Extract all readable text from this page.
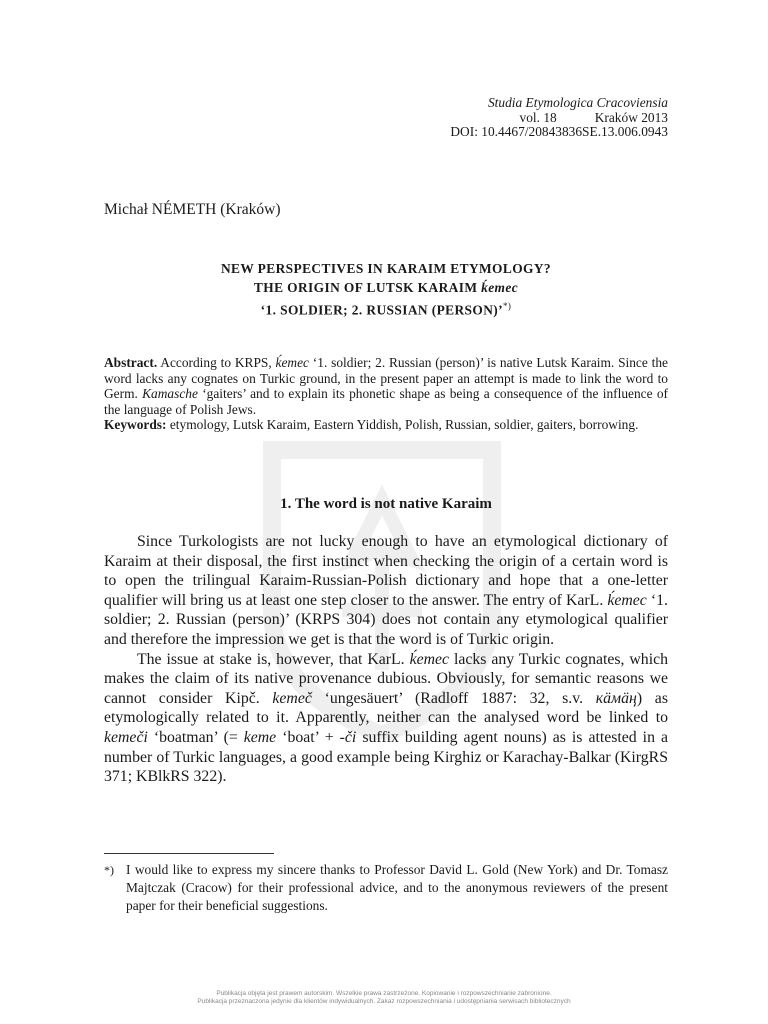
Studia Etymologica Cracoviensia
vol. 18	Kraków 2013
DOI: 10.4467/20843836SE.13.006.0943
Michał NÉMETH (Kraków)
NEW PERSPECTIVES IN KARAIM ETYMOLOGY?
THE ORIGIN OF LUTSK KARAIM ḱemec
‘1. SOLDIER; 2. RUSSIAN (PERSON)’*)
Abstract. According to KRPS, ḱemec ‘1. soldier; 2. Russian (person)’ is native Lutsk Karaim. Since the word lacks any cognates on Turkic ground, in the present paper an attempt is made to link the word to Germ. Kamasche ‘gaiters’ and to explain its phonetic shape as being a consequence of the influence of the language of Polish Jews.
Keywords: etymology, Lutsk Karaim, Eastern Yiddish, Polish, Russian, soldier, gaiters, borrowing.
1. The word is not native Karaim

Since Turkologists are not lucky enough to have an etymological dictionary of Karaim at their disposal, the first instinct when checking the origin of a certain word is to open the trilingual Karaim-Russian-Polish dictionary and hope that a one-letter qualifier will bring us at least one step closer to the answer. The entry of KarL. ḱemec ‘1. soldier; 2. Russian (person)’ (KRPS 304) does not contain any etymological qualifier and therefore the impression we get is that the word is of Turkic origin.

The issue at stake is, however, that KarL. ḱemec lacks any Turkic cognates, which makes the claim of its native provenance dubious. Obviously, for semantic reasons we cannot consider Kipč. kemeč ‘ungesäuert’ (Radloff 1887: 32, s.v. кӓмӓӊ) as etymologically related to it. Apparently, neither can the analysed word be linked to kemeči ‘boatman’ (= keme ‘boat’ + -či suffix building agent nouns) as is attested in a number of Turkic languages, a good example being Kirghiz or Karachay-Balkar (KirgRS 371; KBlkRS 322).

*) I would like to express my sincere thanks to Professor David L. Gold (New York) and Dr. Tomasz Majtczak (Cracow) for their professional advice, and to the anonymous reviewers of the present paper for their beneficial suggestions.
Publikacja objęta jest prawem autorskim. Wszelkie prawa zastrzeżone. Kopiowanie i rozpowszechnianie zabronione.
Publikacja przeznaczona jedynie dla klientów indywidualnych. Zakaz rozpowszechniania i udostępniania serwisach bibliotecznych
